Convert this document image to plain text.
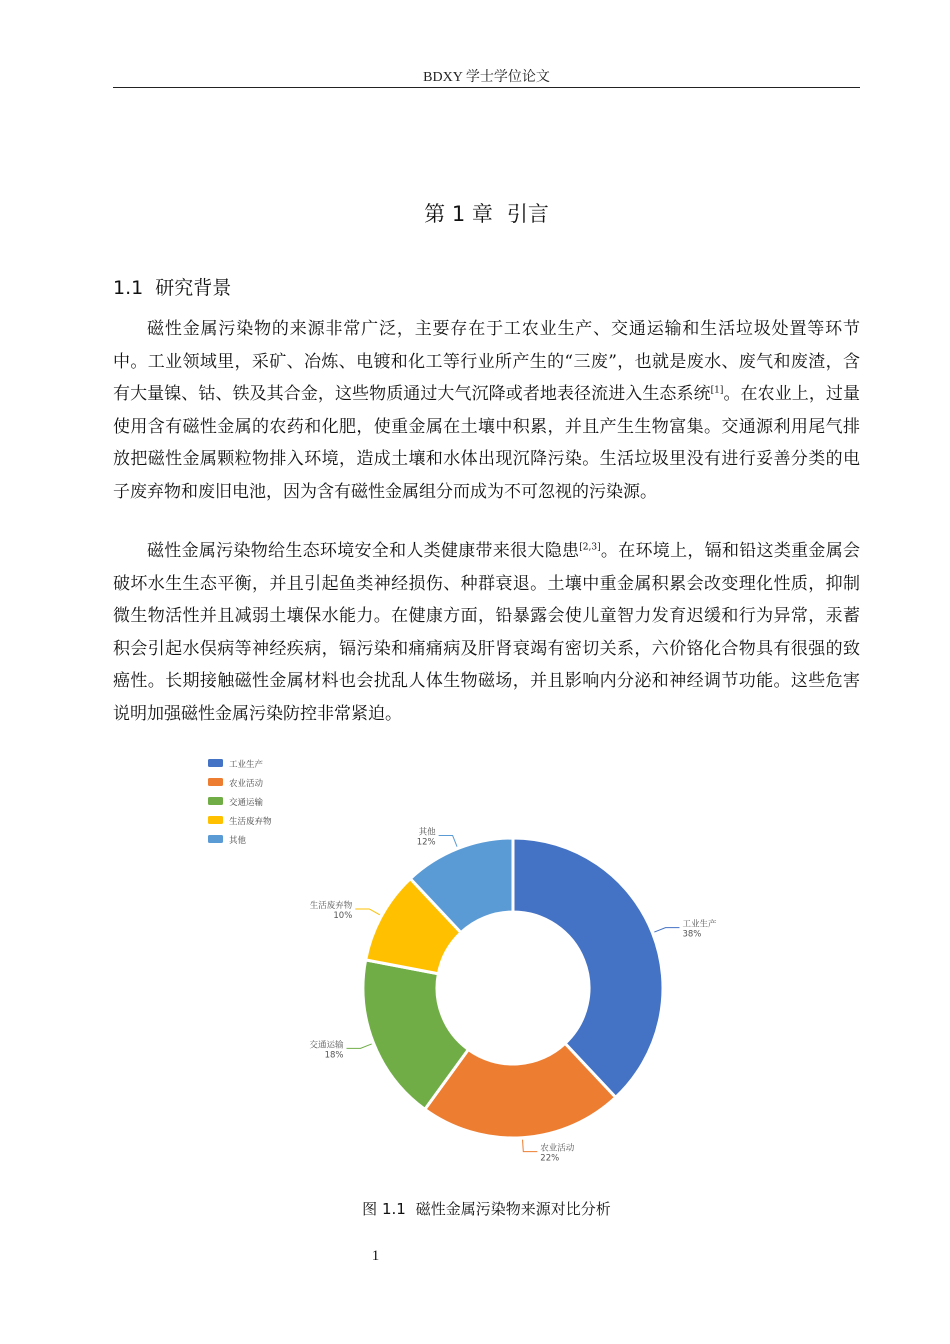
BDXY 学士学位论文
第 1 章 引言
1.1 研究背景

磁性金属污染物的来源非常广泛，主要存在于工农业生产、交通运输和生活垃圾处置等环节中。工业领域里，采矿、冶炼、电镀和化工等行业所产生的“三废”，也就是废水、废气和废渣，含有大量镍、钴、铁及其合金，这些物质通过大气沉降或者地表径流进入生态系统[1]。在农业上，过量使用含有磁性金属的农药和化肥，使重金属在土壤中积累，并且产生生物富集。交通源利用尾气排放把磁性金属颗粒物排入环境，造成土壤和水体出现沉降污染。生活垃圾里没有进行妥善分类的电子废弃物和废旧电池，因为含有磁性金属组分而成为不可忽视的污染源。

磁性金属污染物给生态环境安全和人类健康带来很大隐患[2,3]。在环境上，镉和铅这类重金属会破坏水生生态平衡，并且引起鱼类神经损伤、种群衰退。土壤中重金属积累会改变理化性质，抑制微生物活性并且减弱土壤保水能力。在健康方面，铅暴露会使儿童智力发育迟缓和行为异常，汞蓄积会引起水俣病等神经疾病，镉污染和痛痛病及肝肾衰竭有密切关系，六价铬化合物具有很强的致癌性。长期接触磁性金属材料也会扰乱人体生物磁场，并且影响内分泌和神经调节功能。这些危害说明加强磁性金属污染防控非常紧迫。

工业生产
农业活动
交通运输
生活废弃物
其他
工业生产
38%
农业活动
22%
交通运输
18%
生活废弃物
10%
其他
12%
图 1.1 磁性金属污染物来源对比分析
1
